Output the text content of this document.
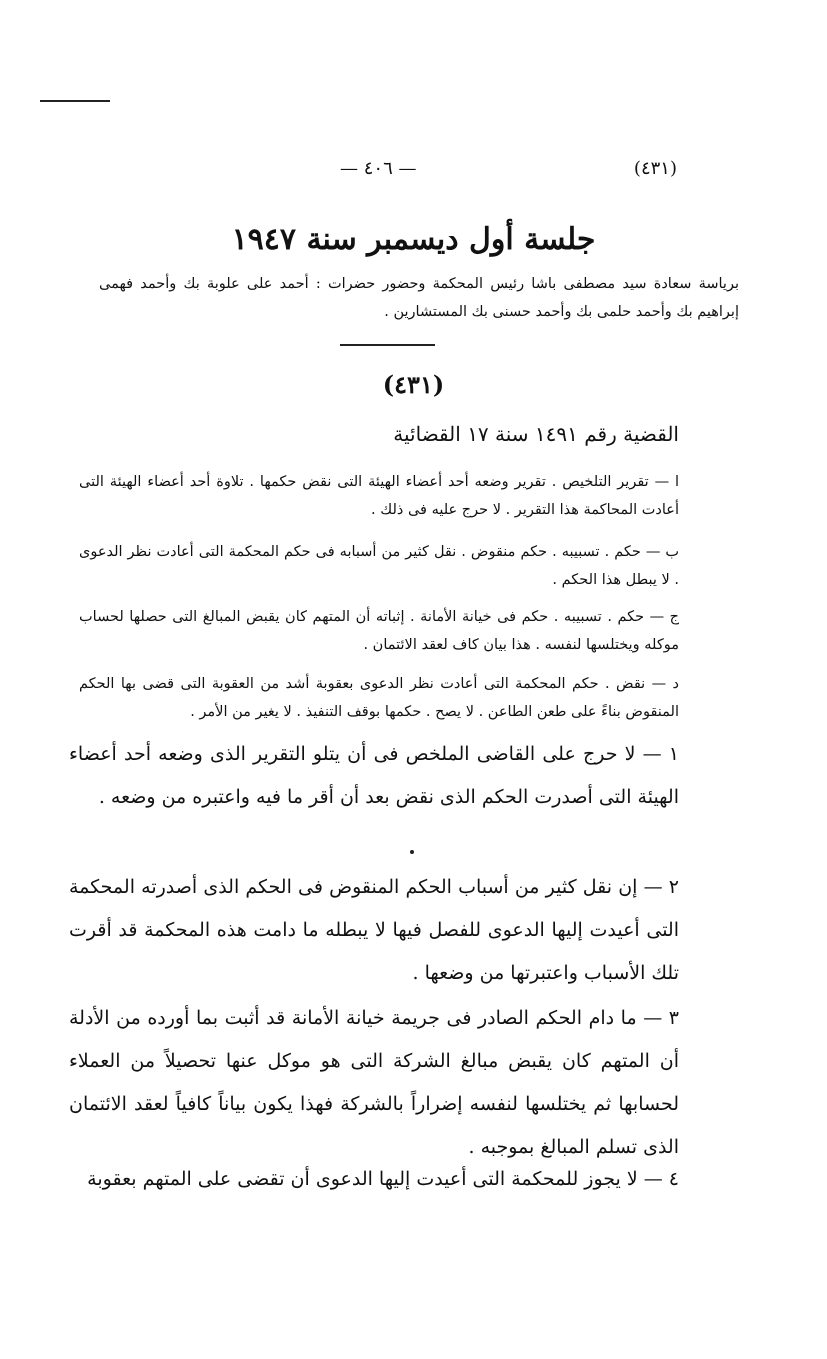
(٤٣١)
— ٤٠٦ —
جلسة أول ديسمبر سنة ١٩٤٧
برياسة سعادة سيد مصطفى باشا رئيس المحكمة وحضور حضرات : أحمد على علوبة بك وأحمد فهمى إبراهيم بك وأحمد حلمى بك وأحمد حسنى بك المستشارين .
(٤٣١)
القضية رقم ١٤٩١ سنة ١٧ القضائية
ا — تقرير التلخيص . تقرير وضعه أحد أعضاء الهيئة التى نقض حكمها . تلاوة أحد أعضاء الهيئة التى أعادت المحاكمة هذا التقرير . لا حرج عليه فى ذلك .
ب — حكم . تسبيبه . حكم منقوض . نقل كثير من أسبابه فى حكم المحكمة التى أعادت نظر الدعوى . لا يبطل هذا الحكم .
ج — حكم . تسبيبه . حكم فى خيانة الأمانة . إثباته أن المتهم كان يقبض المبالغ التى حصلها لحساب موكله ويختلسها لنفسه . هذا بيان كاف لعقد الائتمان .
د — نقض . حكم المحكمة التى أعادت نظر الدعوى بعقوبة أشد من العقوبة التى قضى بها الحكم المنقوض بناءً على طعن الطاعن . لا يصح . حكمها بوقف التنفيذ . لا يغير من الأمر .
١ — لا حرج على القاضى الملخص فى أن يتلو التقرير الذى وضعه أحد أعضاء الهيئة التى أصدرت الحكم الذى نقض بعد أن أقر ما فيه واعتبره من وضعه .
٢ — إن نقل كثير من أسباب الحكم المنقوض فى الحكم الذى أصدرته المحكمة التى أعيدت إليها الدعوى للفصل فيها لا يبطله ما دامت هذه المحكمة قد أقرت تلك الأسباب واعتبرتها من وضعها .
٣ — ما دام الحكم الصادر فى جريمة خيانة الأمانة قد أثبت بما أورده من الأدلة أن المتهم كان يقبض مبالغ الشركة التى هو موكل عنها تحصيلاً من العملاء لحسابها ثم يختلسها لنفسه إضراراً بالشركة فهذا يكون بياناً كافياً لعقد الائتمان الذى تسلم المبالغ بموجبه .
٤ — لا يجوز للمحكمة التى أعيدت إليها الدعوى أن تقضى على المتهم بعقوبة
